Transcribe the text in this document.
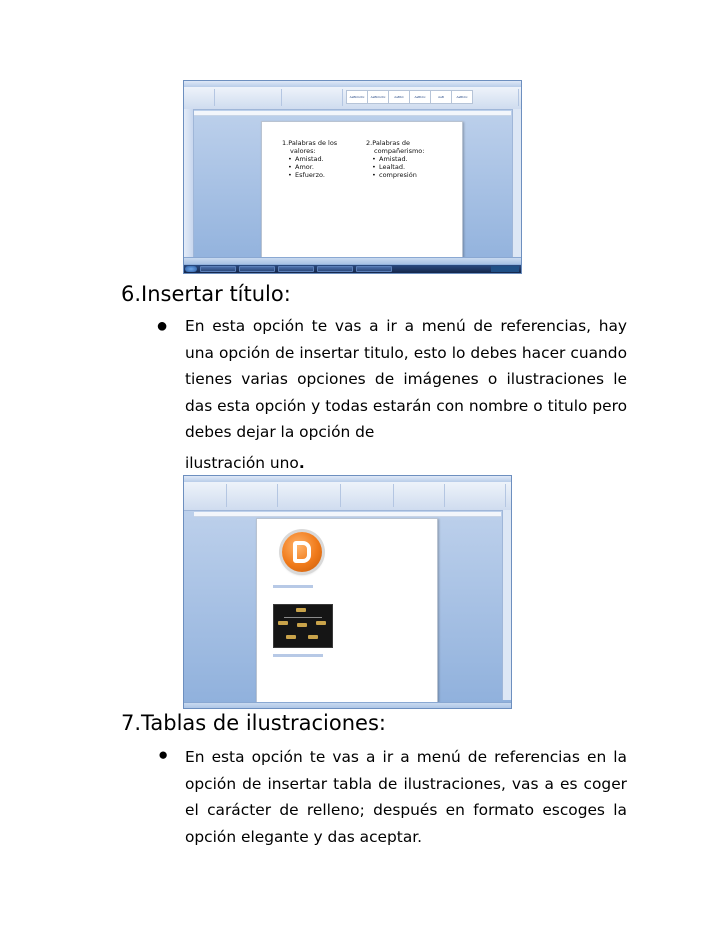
AaBbCcDc	AaBbCcDc	AaBbC	AaBbCc	AaB	AaBbCc

1.Palabras de los

valores:

• Amistad.
• Amor.
• Esfuerzo.

2.Palabras de

compañerismo:

• Amistad.
• Lealtad.
• compresión
6.Insertar título:
● En esta opción te vas a ir a menú de referencias, hay una opción de insertar titulo, esto lo debes hacer cuando tienes varias opciones de imágenes o ilustraciones le das esta opción y todas estarán con nombre o titulo pero debes dejar la opción de
ilustración uno.
7.Tablas de ilustraciones:
● En esta opción te vas a ir a menú de referencias en la opción de insertar tabla de ilustraciones, vas a es coger el carácter de relleno; después en formato escoges la opción elegante y das aceptar.
